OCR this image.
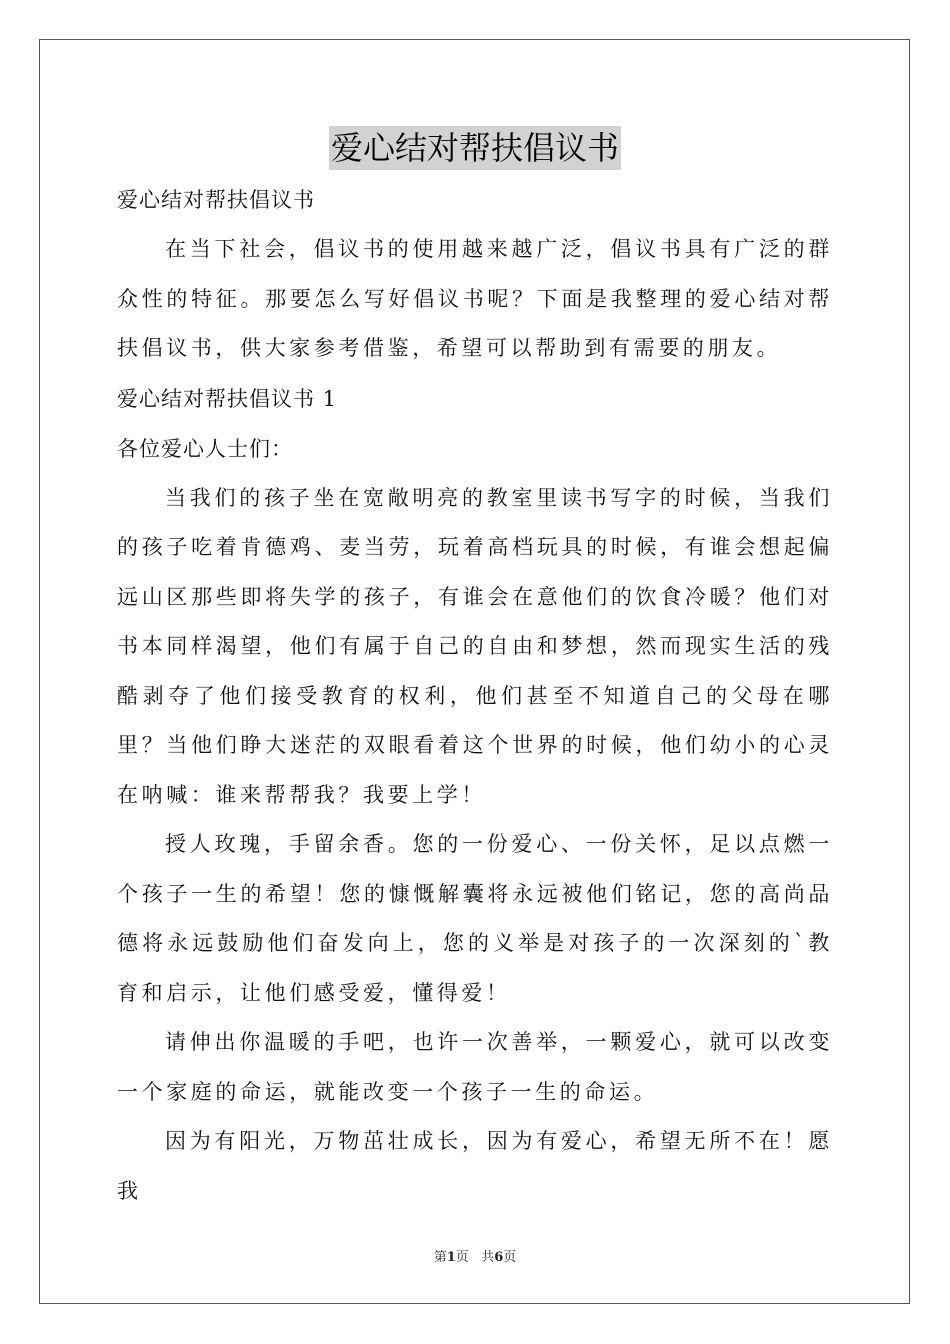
爱心结对帮扶倡议书

爱心结对帮扶倡议书

在当下社会，倡议书的使用越来越广泛，倡议书具有广泛的群众性的特征。那要怎么写好倡议书呢？下面是我整理的爱心结对帮扶倡议书，供大家参考借鉴，希望可以帮助到有需要的朋友。

爱心结对帮扶倡议书 1

各位爱心人士们：

当我们的孩子坐在宽敞明亮的教室里读书写字的时候，当我们的孩子吃着肯德鸡、麦当劳，玩着高档玩具的时候，有谁会想起偏远山区那些即将失学的孩子，有谁会在意他们的饮食冷暖？他们对书本同样渴望，他们有属于自己的自由和梦想，然而现实生活的残酷剥夺了他们接受教育的权利，他们甚至不知道自己的父母在哪里？当他们睁大迷茫的双眼看着这个世界的时候，他们幼小的心灵在呐喊：谁来帮帮我？我要上学！

授人玫瑰，手留余香。您的一份爱心、一份关怀，足以点燃一个孩子一生的希望！您的慷慨解囊将永远被他们铭记，您的高尚品德将永远鼓励他们奋发向上，您的义举是对孩子的一次深刻的`教育和启示，让他们感受爱，懂得爱！

请伸出你温暖的手吧，也许一次善举，一颗爱心，就可以改变一个家庭的命运，就能改变一个孩子一生的命运。

因为有阳光，万物茁壮成长，因为有爱心，希望无所不在！愿我

第1页 共6页
